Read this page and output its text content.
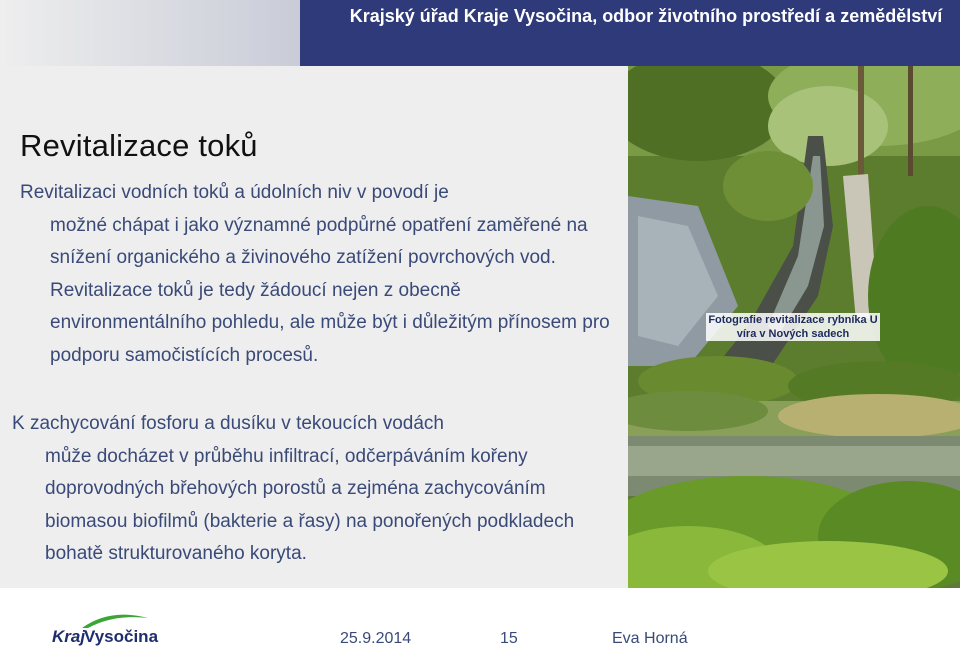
Krajský úřad Kraje Vysočina, odbor životního prostředí a zemědělství
Revitalizace toků

Revitalizaci vodních toků a údolních niv v povodí je
možné chápat i jako významné podpůrné opatření zaměřené na snížení organického a živinového zatížení povrchových vod. Revitalizace toků je tedy žádoucí nejen z obecně environmentálního pohledu, ale může být i důležitým přínosem pro podporu samočistících procesů.

K zachycování fosforu a dusíku v tekoucích vodách
může docházet v průběhu infiltrací, odčerpáváním kořeny doprovodných břehových porostů a zejména zachycováním biomasou biofilmů (bakterie a řasy) na ponořených podkladech bohatě strukturovaného koryta.

Fotografie revitalizace rybníka U víra v Nových sadech
Kraj
Vysočina	25.9.2014	15	Eva Horná
